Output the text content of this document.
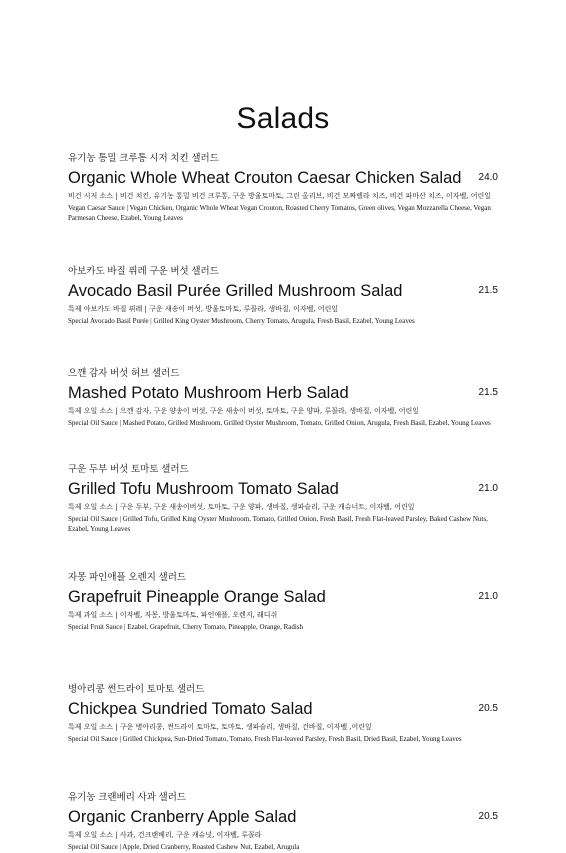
Salads
유기농 통밀 크루통 시저 치킨 샐러드
Organic Whole Wheat Crouton Caesar Chicken Salad 24.0
비건 시저 소스 | 비건 치킨, 유기농 통밀 비건 크루통, 구운 방울토마토, 그린 올리브, 비건 모짜렐라 치즈, 비건 파마산 치즈, 이자벨, 어린잎
Vegan Caesar Sauce | Vegan Chicken, Organic Whole Wheat Vegan Crouton, Roasted Cherry Tomatos, Green olives, Vegan Mozzarella Cheese, Vegan Parmesan Cheese, Ezabel, Young Leaves
아보카도 바질 퓌레 구운 버섯 샐러드
Avocado Basil Purée Grilled Mushroom Salad	21.5
특제 아보카도 바질 퓌레 | 구운 새송이 버섯, 방울토마토, 루꼴라, 생바질, 이자벨, 어린잎
Special Avocado Basil Purée | Grilled King Oyster Mushroom, Cherry Tomato, Arugula, Fresh Basil, Ezabel, Young Leaves
으깬 감자 버섯 허브 샐러드
Mashed Potato Mushroom Herb Salad	21.5
특제 오일 소스 | 으깬 감자, 구운 양송이 버섯, 구운 새송이 버섯, 토마토, 구운 양파, 루꼴라, 생바질, 이자벨, 어린잎
Special Oil Sauce | Mashed Potato, Grilled Mushroom, Grilled Oyster Mushroom, Tomato, Grilled Onion, Arugula, Fresh Basil, Ezabel, Young Leaves
구운 두부 버섯 토마토 샐러드
Grilled Tofu Mushroom Tomato Salad	21.0
특제 오일 소스 | 구운 두부, 구운 새송이버섯, 토마토, 구운 양파, 생바질, 생파슬리, 구운 캐슈너트, 이자벨, 어린잎
Special Oil Sauce | Grilled Tofu, Grilled King Oyster Mushroom, Tomato, Grilled Onion, Fresh Basil, Fresh Flat-leaved Parsley, Baked Cashew Nuts, Ezabel, Young Leaves
자몽 파인애플 오렌지 샐러드
Grapefruit Pineapple Orange Salad	21.0
특제 과일 소스 | 이자벨, 자몽, 방울토마토, 파인애플, 오렌지, 래디쉬
Special Fruit Sauce | Ezabel, Grapefruit, Cherry Tomato, Pineapple, Orange, Radish
병아리콩 썬드라이 토마토 샐러드
Chickpea Sundried Tomato Salad	20.5
특제 오일 소스 | 구운 병아리콩, 썬드라이 토마토, 토마토, 생파슬리, 생바질, 건바질, 이자벨 ,어린잎
Special Oil Sauce | Grilled Chickpea, Sun-Dried Tomato, Tomato, Fresh Flat-leaved Parsley, Fresh Basil, Dried Basil, Ezabel, Young Leaves
유기농 크랜베리 사과 샐러드
Organic Cranberry Apple Salad	20.5
특제 오일 소스 | 사과, 건크랜베리, 구운 캐슈넛, 이자벨, 루꼴라
Special Oil Sauce | Apple, Dried Cranberry, Roasted Cashew Nut, Ezabel, Arugula
